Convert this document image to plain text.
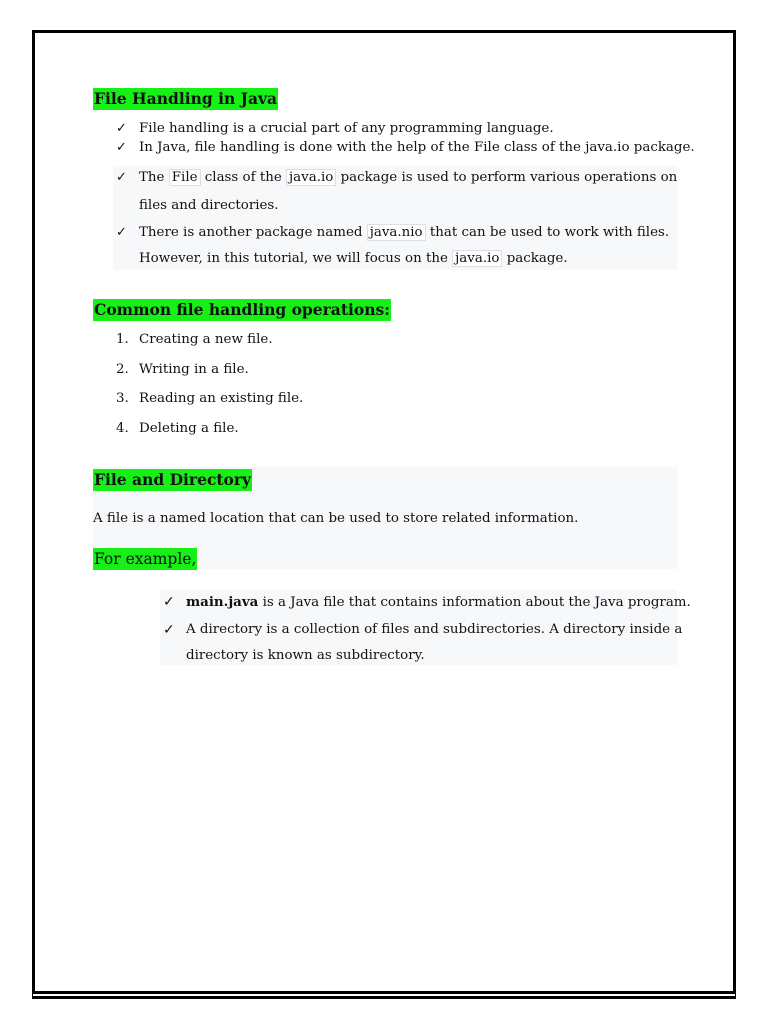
File Handling in Java
✓ File handling is a crucial part of any programming language.
✓ In Java, file handling is done with the help of the File class of the java.io package.
✓ The File class of the java.io package is used to perform various operations on
files and directories.
✓ There is another package named java.nio that can be used to work with files.
However, in this tutorial, we will focus on the java.io package.
Common file handling operations:
1. Creating a new file.
2. Writing in a file.
3. Reading an existing file.
4. Deleting a file.
File and Directory
A file is a named location that can be used to store related information.
For example,
✓ main.java is a Java file that contains information about the Java program.
✓ A directory is a collection of files and subdirectories. A directory inside a
directory is known as subdirectory.
